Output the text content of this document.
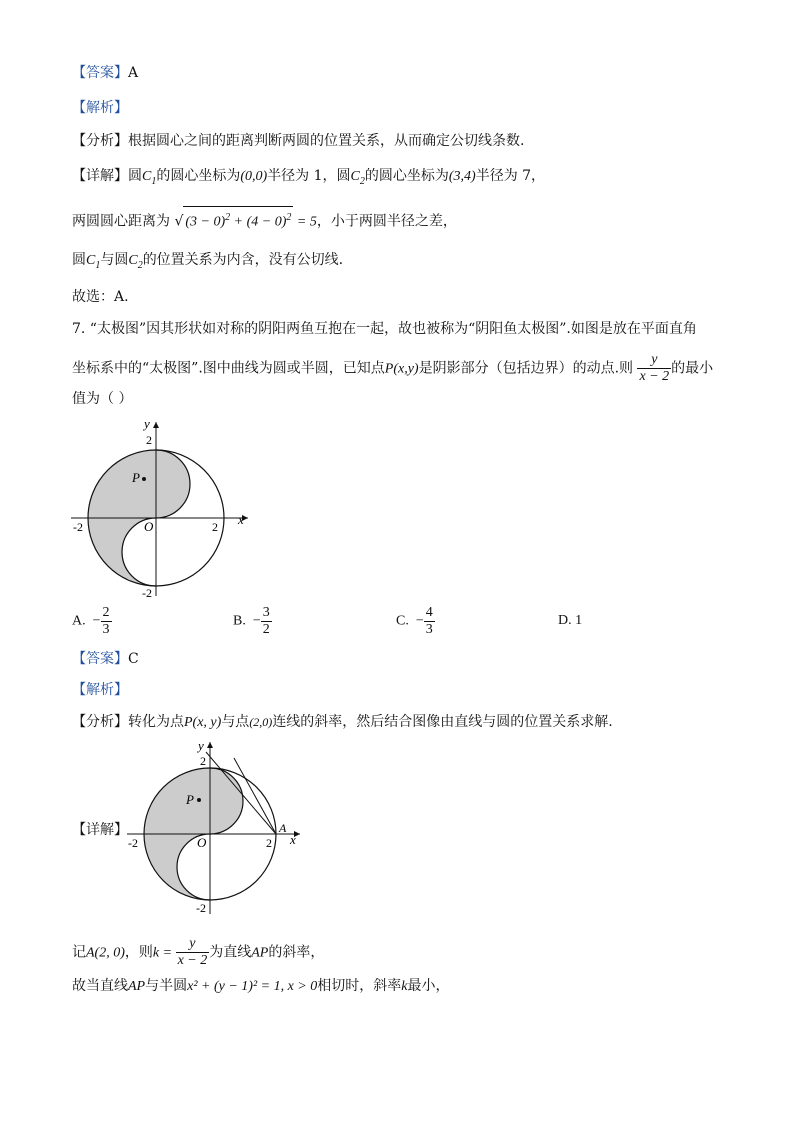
【答案】A
【解析】
【分析】根据圆心之间的距离判断两圆的位置关系，从而确定公切线条数.
【详解】圆$C_1$的圆心坐标为(0,0)半径为 1，圆$C_2$的圆心坐标为(3,4)半径为 7，
两圆圆心距离为 √ $(3 - 0)^2 + (4 - 0)^2 = 5$，小于两圆半径之差，
圆$C_1$与圆$C_2$的位置关系为内含，没有公切线.
故选：A.
7. “太极图”因其形状如对称的阴阳两鱼互抱在一起，故也被称为“阴阳鱼太极图”.如图是放在平面直角
坐标系中的“太极图”.图中曲线为圆或半圆，已知点P(x,y)是阴影部分（包括边界）的动点.则 $\frac{y}{x - 2}$ 的最小
值为（ ）
P
y
x
O
2
2
-2
-2
A. − $\frac{2}{3}$	B. − $\frac{3}{2}$	C. − $\frac{4}{3}$	D. 1
【答案】C
【解析】
【分析】转化为点P(x, y)与点(2,0)连线的斜率，然后结合图像由直线与圆的位置关系求解.
【详解】
P
y
x
A
O
2
2
-2
-2
记A(2, 0)，则$k = \frac{y}{x - 2}$ 为直线AP的斜率，
故当直线AP与半圆x² + (y − 1)² = 1, x > 0相切时，斜率k最小，
